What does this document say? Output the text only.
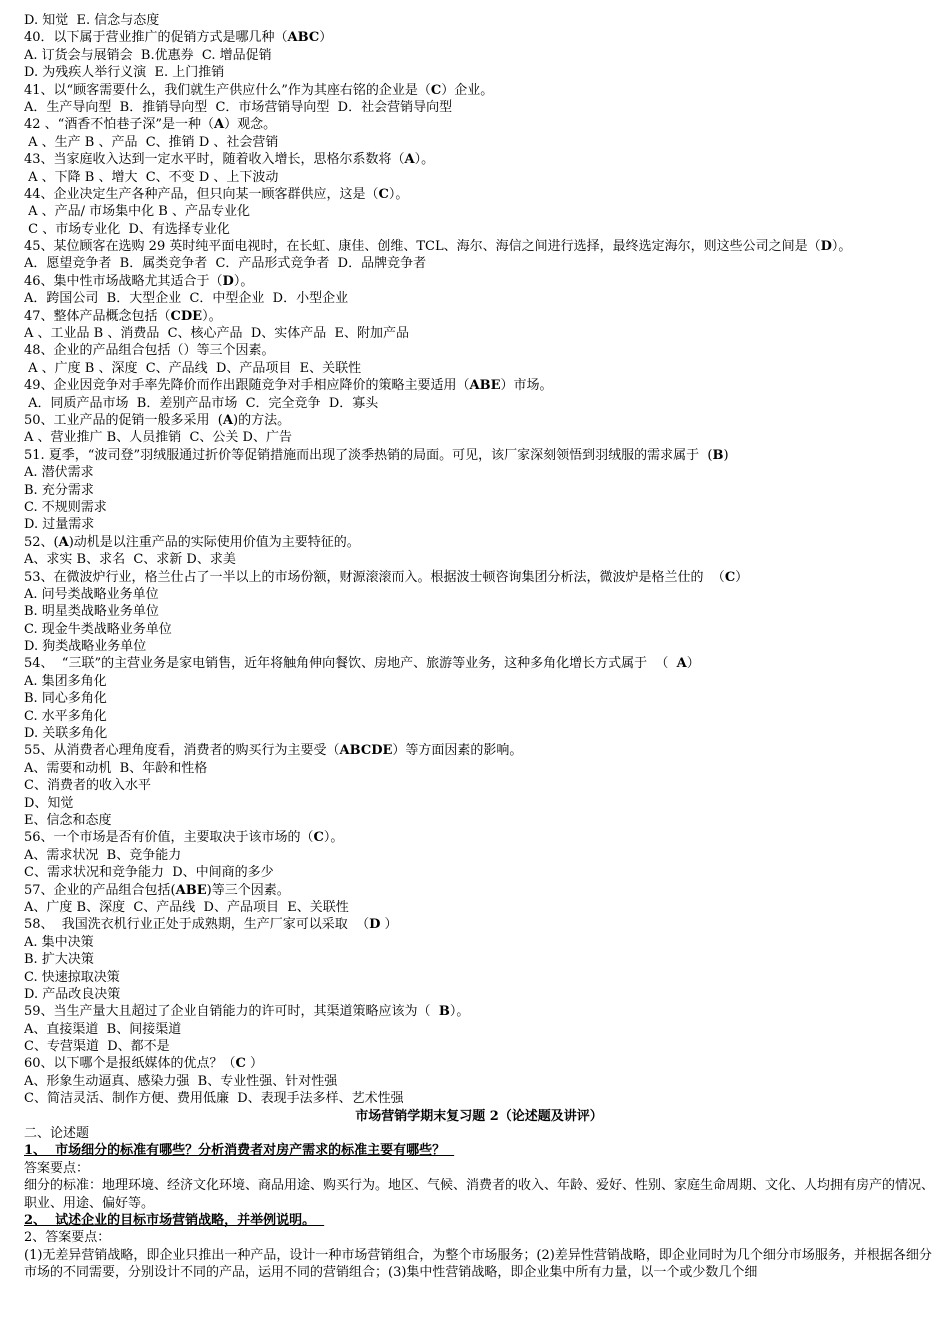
D. 知觉  E. 信念与态度
40．以下属于营业推广的促销方式是哪几种（ABC）
A. 订货会与展销会  B.优惠券  C. 增品促销
D. 为残疾人举行义演  E. 上门推销
41、以“顾客需要什么，我们就生产供应什么”作为其座右铭的企业是（C）企业。
A．生产导向型  B．推销导向型  C．市场营销导向型  D．社会营销导向型
42 、“酒香不怕巷子深”是一种（A）观念。
A 、生产 B 、产品  C、推销 D 、社会营销
43、当家庭收入达到一定水平时，随着收入增长，思格尔系数将（A）。
A 、下降 B 、增大  C、不变 D 、上下波动
44、企业决定生产各种产品，但只向某一顾客群供应，这是（C）。
A 、产品/ 市场集中化 B 、产品专业化
C 、市场专业化  D、有选择专业化
45、某位顾客在选购 29 英时纯平面电视时，在长虹、康佳、创维、TCL、海尔、海信之间进行选择，最终选定海尔，则这些公司之间是（D）。
A．愿望竞争者  B．属类竞争者  C．产品形式竞争者  D．品牌竞争者
46、集中性市场战略尤其适合于（D）。
A．跨国公司  B．大型企业  C．中型企业  D．小型企业
47、整体产品概念包括（CDE）。
A 、工业品 B 、消费品  C、核心产品  D、实体产品  E、附加产品
48、企业的产品组合包括（）等三个因素。
A 、广度 B 、深度  C、产品线  D、产品项目  E、关联性
49、企业因竞争对手率先降价而作出跟随竞争对手相应降价的策略主要适用（ABE）市场。
A．同质产品市场  B．差别产品市场  C．完全竞争  D．寡头
50、工业产品的促销一般多采用  (A)的方法。
A 、营业推广 B、人员推销  C、公关 D、广告
51. 夏季，“波司登”羽绒服通过折价等促销措施而出现了淡季热销的局面。可见，该厂家深刻领悟到羽绒服的需求属于  (B)
A. 潜伏需求
B. 充分需求
C. 不规则需求
D. 过量需求
52、(A)动机是以注重产品的实际使用价值为主要特征的。
A、求实 B、求名  C、求新 D、求美
53、在微波炉行业，格兰仕占了一半以上的市场份额，财源滚滚而入。根据波士顿咨询集团分析法，微波炉是格兰仕的  （C）
A. 问号类战略业务单位
B. 明星类战略业务单位
C. 现金牛类战略业务单位
D. 狗类战略业务单位
54、  “三联”的主营业务是家电销售，近年将触角伸向餐饮、房地产、旅游等业务，这种多角化增长方式属于  （  A）
A. 集团多角化
B. 同心多角化
C. 水平多角化
D. 关联多角化
55、从消费者心理角度看，消费者的购买行为主要受（ABCDE）等方面因素的影响。
A、需要和动机  B、年龄和性格
C、消费者的收入水平
D、知觉
E、信念和态度
56、一个市场是否有价值，主要取决于该市场的（C）。
A、需求状况  B、竞争能力
C、需求状况和竞争能力  D、中间商的多少
57、企业的产品组合包括(ABE)等三个因素。
A、广度 B、深度  C、产品线  D、产品项目  E、关联性
58、  我国洗衣机行业正处于成熟期，生产厂家可以采取  （D ）
A. 集中决策
B. 扩大决策
C. 快速掠取决策
D. 产品改良决策
59、当生产量大且超过了企业自销能力的许可时，其渠道策略应该为（  B）。
A、直接渠道  B、间接渠道
C、专营渠道  D、都不是
60、以下哪个是报纸媒体的优点？（C ）
A、形象生动逼真、感染力强  B、专业性强、针对性强
C、简洁灵活、制作方便、费用低廉  D、表现手法多样、艺术性强
市场营销学期末复习题 2（论述题及讲评）
二、论述题
1、  市场细分的标准有哪些？分析消费者对房产需求的标准主要有哪些？
答案要点：
细分的标准：地理环境、经济文化环境、商品用途、购买行为。地区、气候、消费者的收入、年龄、爱好、性别、家庭生命周期、文化、人均拥有房产的情况、职业、用途、偏好等。
2、  试述企业的目标市场营销战略，并举例说明。
2、答案要点：
(1)无差异营销战略，即企业只推出一种产品，设计一种市场营销组合，为整个市场服务；(2)差异性营销战略，即企业同时为几个细分市场服务，并根据各细分市场的不同需要，分别设计不同的产品，运用不同的营销组合；(3)集中性营销战略，即企业集中所有力量，以一个或少数几个细
